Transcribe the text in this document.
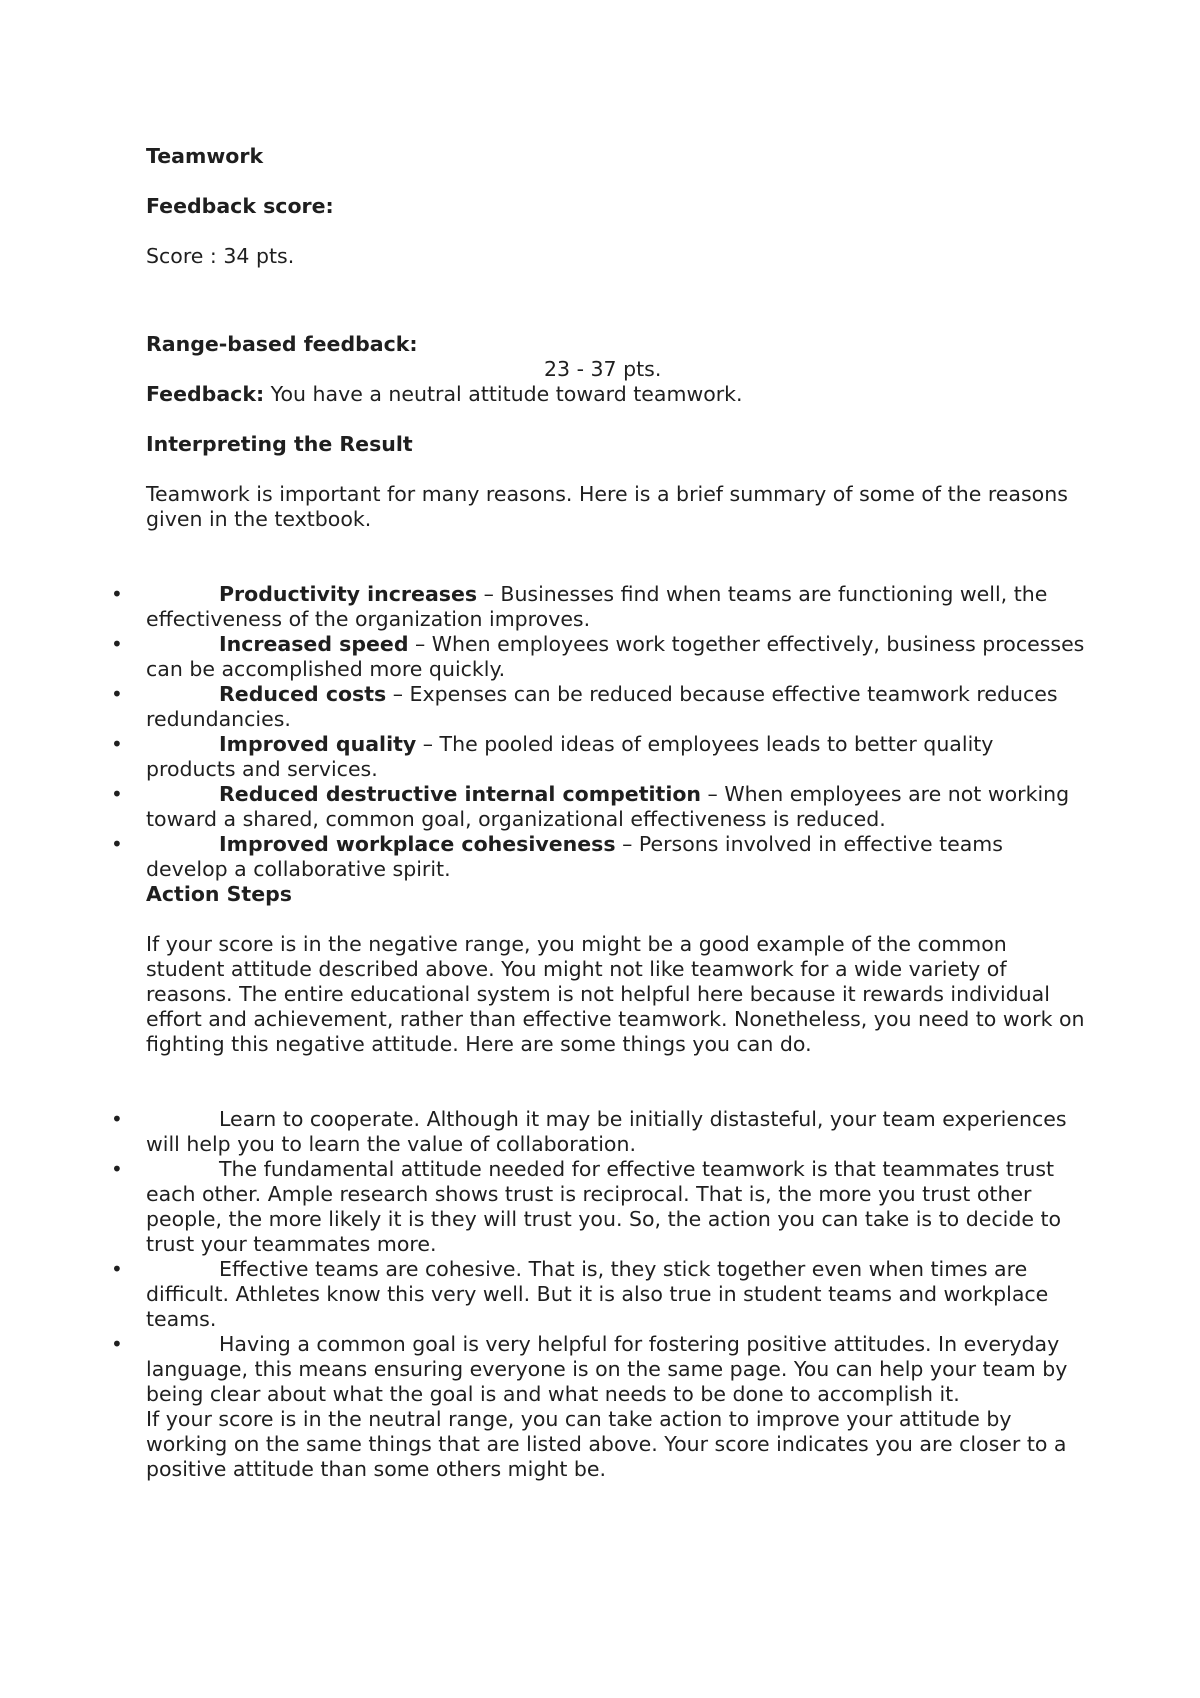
Teamwork

Feedback score:

Score : 34 pts.

Range-based feedback:

23 - 37 pts.

Feedback: You have a neutral attitude toward teamwork.

Interpreting the Result

Teamwork is important for many reasons. Here is a brief summary of some of the reasons given in the textbook.

•	Productivity increases – Businesses find when teams are functioning well, the effectiveness of the organization improves.
•	Increased speed – When employees work together effectively, business processes can be accomplished more quickly.
•	Reduced costs – Expenses can be reduced because effective teamwork reduces redundancies.
•	Improved quality – The pooled ideas of employees leads to better quality products and services.
•	Reduced destructive internal competition – When employees are not working toward a shared, common goal, organizational effectiveness is reduced.
•	Improved workplace cohesiveness – Persons involved in effective teams develop a collaborative spirit.

Action Steps

If your score is in the negative range, you might be a good example of the common student attitude described above. You might not like teamwork for a wide variety of reasons. The entire educational system is not helpful here because it rewards individual effort and achievement, rather than effective teamwork. Nonetheless, you need to work on fighting this negative attitude. Here are some things you can do.

•	Learn to cooperate. Although it may be initially distasteful, your team experiences will help you to learn the value of collaboration.
•	The fundamental attitude needed for effective teamwork is that teammates trust each other. Ample research shows trust is reciprocal. That is, the more you trust other people, the more likely it is they will trust you. So, the action you can take is to decide to trust your teammates more.
•	Effective teams are cohesive. That is, they stick together even when times are difficult. Athletes know this very well. But it is also true in student teams and workplace teams.
•	Having a common goal is very helpful for fostering positive attitudes. In everyday language, this means ensuring everyone is on the same page. You can help your team by being clear about what the goal is and what needs to be done to accomplish it.

If your score is in the neutral range, you can take action to improve your attitude by working on the same things that are listed above. Your score indicates you are closer to a positive attitude than some others might be.
